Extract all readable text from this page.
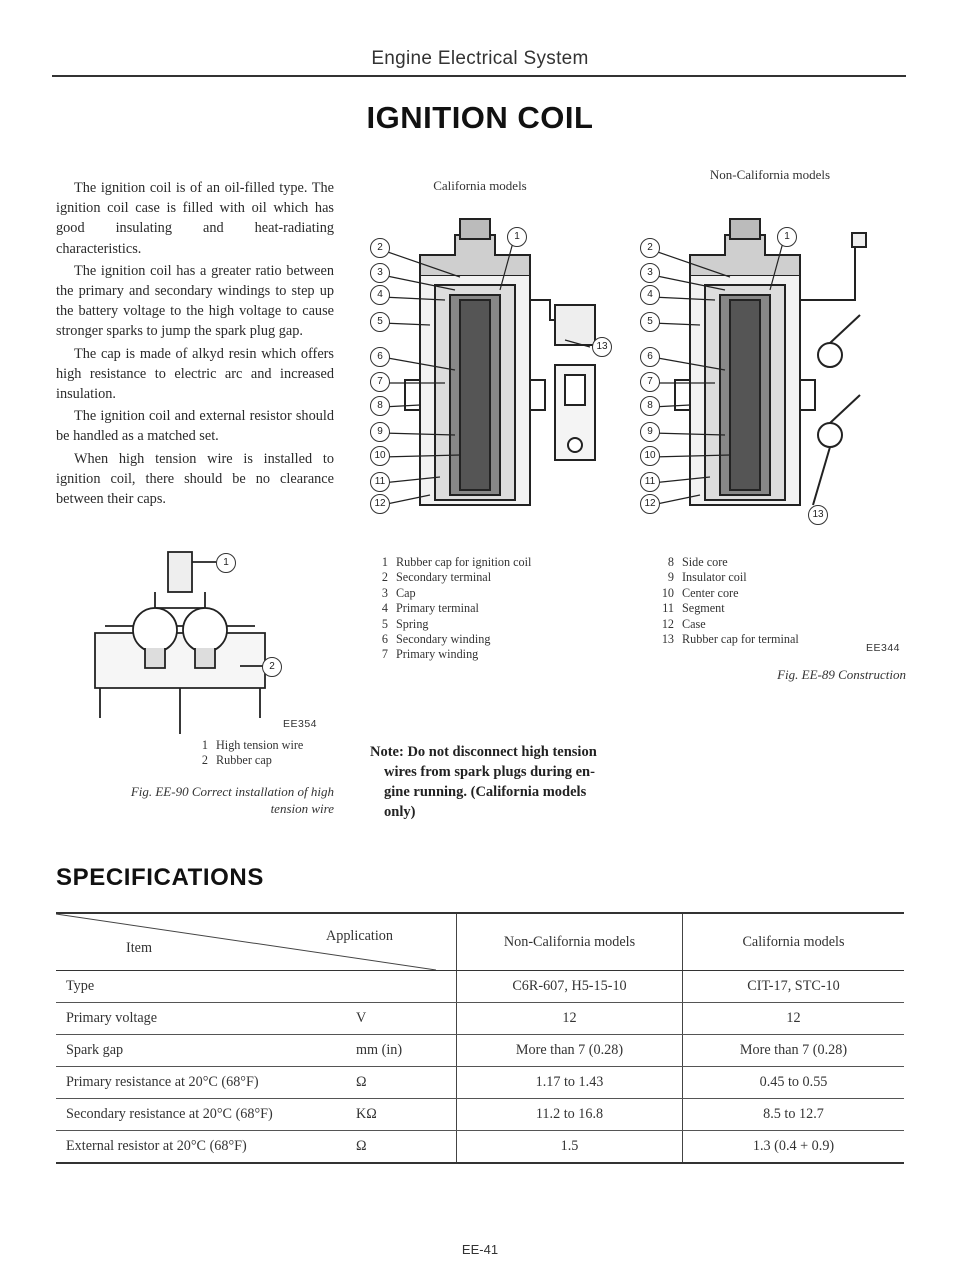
Engine Electrical System
IGNITION COIL

The ignition coil is of an oil-filled type. The ignition coil case is filled with oil which has good insulating and heat-radiating characteristics.

The ignition coil has a greater ratio between the primary and secondary windings to step up the battery voltage to the high voltage to cause stronger sparks to jump the spark plug gap.

The cap is made of alkyd resin which offers high resistance to electric arc and increased insulation.

The ignition coil and external resistor should be handled as a matched set.

When high tension wire is installed to ignition coil, there should be no clearance between their caps.

California models
Non-California models
2
3
4
5
6
7
8
9
10
11
12
1
13
2
3
4
5
6
7
8
9
10
11
12
1
13
1 Rubber cap for ignition coil
2 Secondary terminal
3 Cap
4 Primary terminal
5 Spring
6 Secondary winding
7 Primary winding
8 Side core
9 Insulator coil
10 Center core
11 Segment
12 Case
13 Rubber cap for terminal
EE344
Fig. EE-89 Construction
1
2
EE354
1 High tension wire
2 Rubber cap
Fig. EE-90 Correct installation of high
tension wire
Note: Do not disconnect high tension
wires from spark plugs during en-
gine running. (California models
only)
SPECIFICATIONS
Item
Application		Non-California models	California models
Type		C6R-607, H5-15-10	CIT-17, STC-10
Primary voltage	V	12	12
Spark gap	mm (in)	More than 7 (0.28)	More than 7 (0.28)
Primary resistance at 20°C (68°F)	Ω	1.17 to 1.43	0.45 to 0.55
Secondary resistance at 20°C (68°F)	KΩ	11.2 to 16.8	8.5 to 12.7
External resistor at 20°C (68°F)	Ω	1.5	1.3 (0.4 + 0.9)
EE-41
